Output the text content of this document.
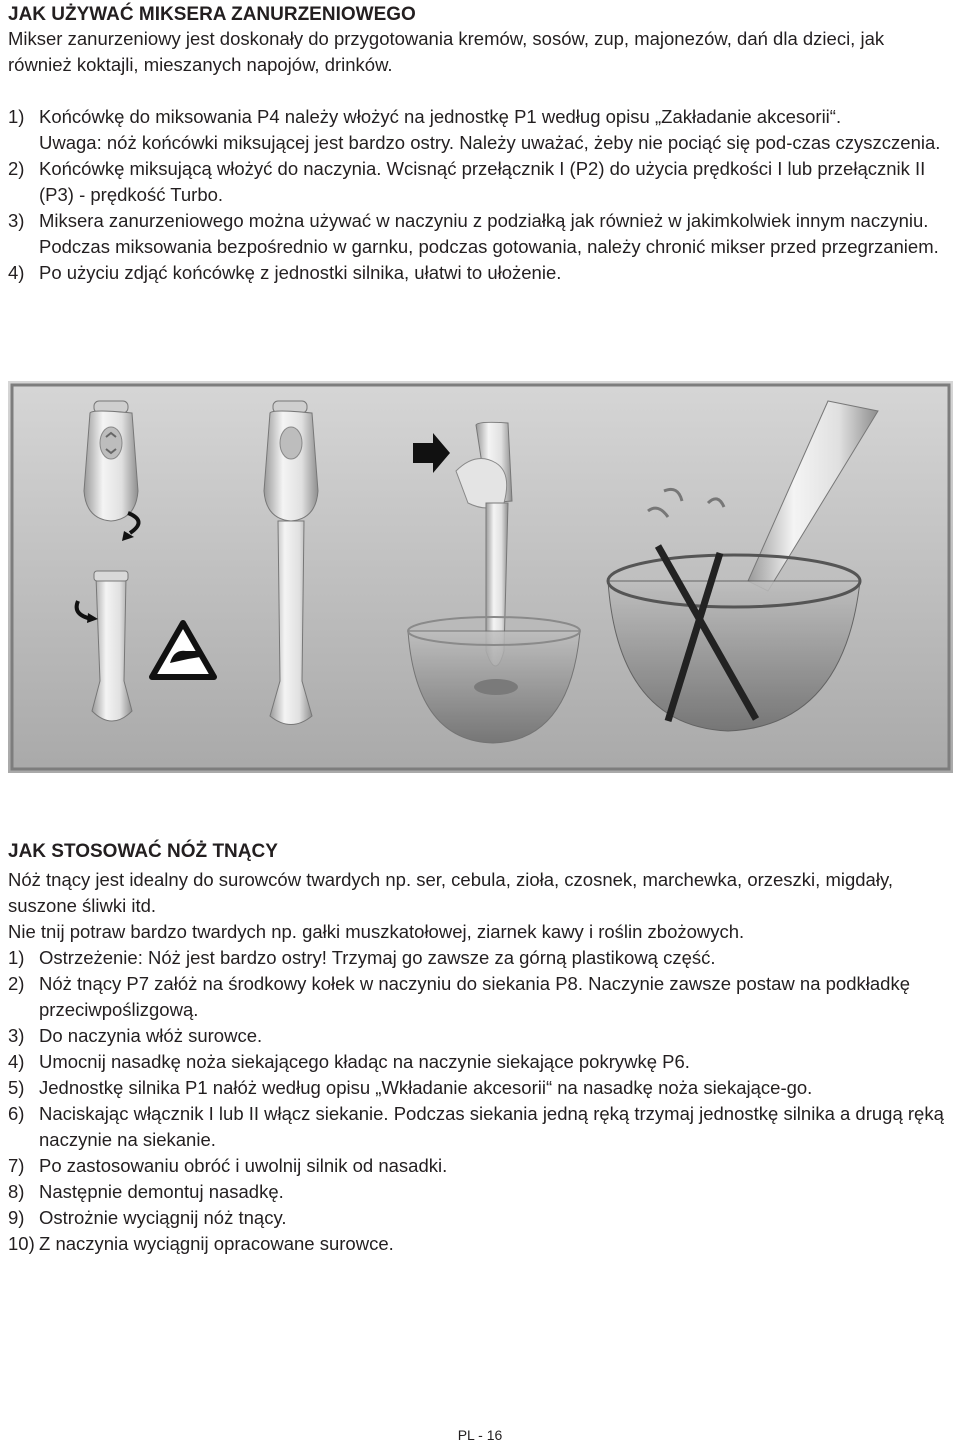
JAK UŻYWAĆ MIKSERA ZANURZENIOWEGO

Mikser zanurzeniowy jest doskonały do przygotowania kremów, sosów, zup, majonezów, dań dla dzieci, jak również koktajli, mieszanych napojów, drinków.

1) Końcówkę do miksowania P4 należy włożyć na jednostkę P1 według opisu „Zakładanie akcesorii“.
Uwaga: nóż końcówki miksującej jest bardzo ostry. Należy uważać, żeby nie pociąć się pod-czas czyszczenia.
2) Końcówkę miksującą włożyć do naczynia. Wcisnąć przełącznik I (P2) do użycia prędkości I lub przełącznik II (P3) - prędkość Turbo.
3) Miksera zanurzeniowego można używać w naczyniu z podziałką jak również w jakimkolwiek innym naczyniu. Podczas miksowania bezpośrednio w garnku, podczas gotowania, należy chronić mikser przed przegrzaniem.
4) Po użyciu zdjąć końcówkę z jednostki silnika, ułatwi to ułożenie.
JAK STOSOWAĆ NÓŻ TNĄCY

Nóż tnący jest idealny do surowców twardych np. ser, cebula, zioła, czosnek, marchewka, orzeszki, migdały, suszone śliwki itd.

Nie tnij potraw bardzo twardych np. gałki muszkatołowej, ziarnek kawy i roślin zbożowych.

1) Ostrzeżenie: Nóż jest bardzo ostry! Trzymaj go zawsze za górną plastikową część.
2) Nóż tnący P7 załóż na środkowy kołek w naczyniu do siekania P8. Naczynie zawsze postaw na podkładkę przeciwpoślizgową.
3) Do naczynia włóż surowce.
4) Umocnij nasadkę noża siekającego kładąc na naczynie siekające pokrywkę P6.
5) Jednostkę silnika P1 nałóż według opisu „Wkładanie akcesorii“ na nasadkę noża siekające-go.
6) Naciskając włącznik I lub II włącz siekanie. Podczas siekania jedną ręką trzymaj jednostkę silnika a drugą ręką naczynie na siekanie.
7) Po zastosowaniu obróć i uwolnij silnik od nasadki.
8) Następnie demontuj nasadkę.
9) Ostrożnie wyciągnij nóż tnący.
10) Z naczynia wyciągnij opracowane surowce.
PL - 16
